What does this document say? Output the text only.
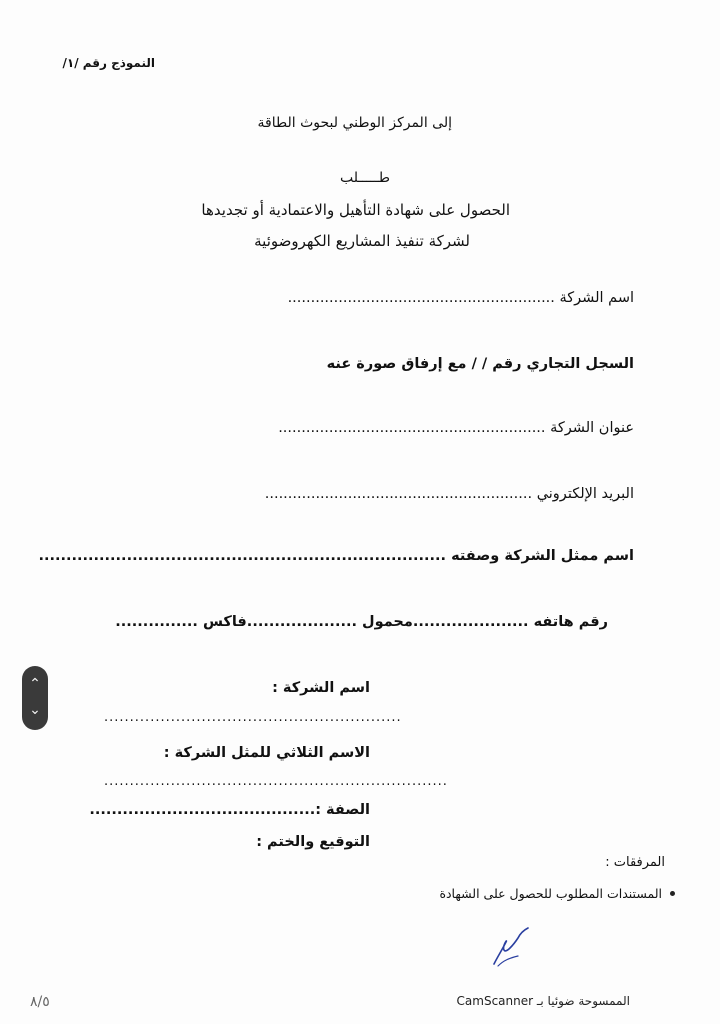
النموذج رقم /١/
إلى المركز الوطني لبحوث الطاقة
طـــــلب
الحصول على شهادة التأهيل والاعتمادية أو تجديدها
لشركة تنفيذ المشاريع الكهروضوئية
اسم الشركة ..........................................................
السجل التجاري رقم / / مع إرفاق صورة عنه
عنوان الشركة ..........................................................
البريد الإلكتروني ..........................................................
اسم ممثل الشركة وصفته ..........................................................................
رقم هاتفه .....................محمول ....................فاكس ...............
اسم الشركة :
..........................................................
الاسم الثلاثي للمثل الشركة :
...................................................................
الصفة :.........................................
التوقيع والختم :
المرفقات :
المستندات المطلوب للحصول على الشهادة
الممسوحة ضوئيا بـ CamScanner
٨/٥
⌃
⌄
